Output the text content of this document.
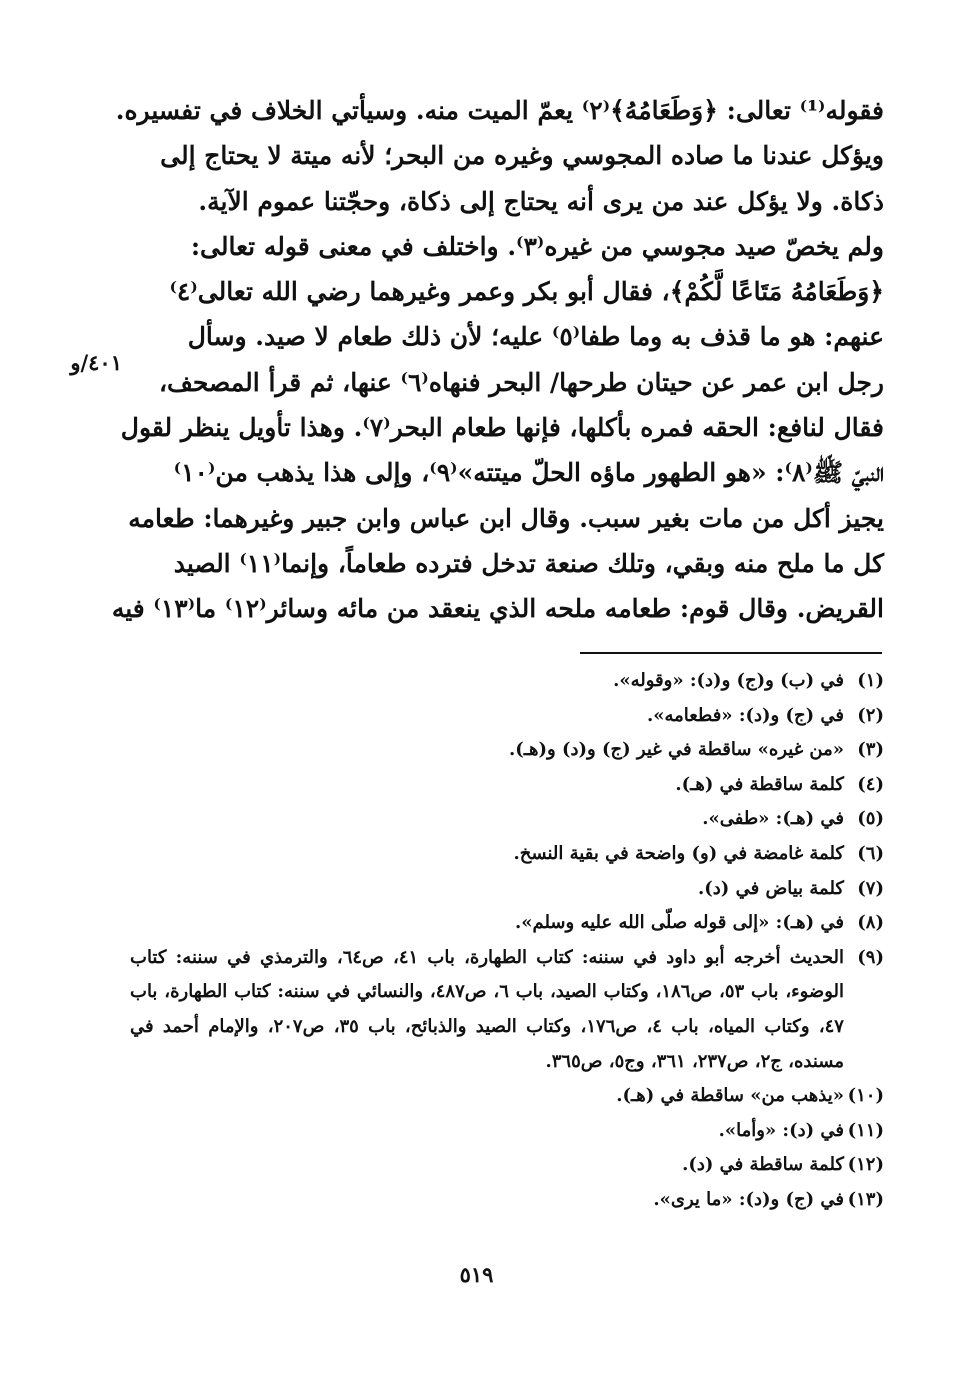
فقوله⁽¹⁾ تعالى: ﴿وَطَعَامُهُ﴾⁽٢⁾ يعمّ الميت منه. وسيأتي الخلاف في تفسيره.
ويؤكل عندنا ما صاده المجوسي وغيره من البحر؛ لأنه ميتة لا يحتاج إلى
ذكاة. ولا يؤكل عند من يرى أنه يحتاج إلى ذكاة، وحجّتنا عموم الآية.
ولم يخصّ صيد مجوسي من غيره⁽٣⁾. واختلف في معنى قوله تعالى:
﴿وَطَعَامُهُ مَتَاعًا لَّكُمْ﴾، فقال أبو بكر وعمر وغيرهما رضي الله تعالى⁽٤⁾
عنهم: هو ما قذف به وما طفا⁽٥⁾ عليه؛ لأن ذلك طعام لا صيد. وسأل
رجل ابن عمر عن حيتان طرحها/ البحر فنهاه⁽٦⁾ عنها، ثم قرأ المصحف،
فقال لنافع: الحقه فمره بأكلها، فإنها طعام البحر⁽٧⁾. وهذا تأويل ينظر لقول
النبيّ ﷺ⁽٨⁾: «هو الطهور ماؤه الحلّ ميتته»⁽٩⁾، وإلى هذا يذهب من⁽١٠⁾
يجيز أكل من مات بغير سبب. وقال ابن عباس وابن جبير وغيرهما: طعامه
كل ما ملح منه وبقي، وتلك صنعة تدخل فترده طعاماً، وإنما⁽١١⁾ الصيد
القريض. وقال قوم: طعامه ملحه الذي ينعقد من مائه وسائر⁽١٢⁾ ما⁽١٣⁾ فيه
٤٠١/و
(١)
في (ب) و(ج) و(د): «وقوله».
(٢)
في (ج) و(د): «فطعامه».
(٣)
«من غيره» ساقطة في غير (ج) و(د) و(هـ).
(٤)
كلمة ساقطة في (هـ).
(٥)
في (هـ): «طفى».
(٦)
كلمة غامضة في (و) واضحة في بقية النسخ.
(٧)
كلمة بياض في (د).
(٨)
في (هـ): «إلى قوله صلّى الله عليه وسلم».
(٩)
الحديث أخرجه أبو داود في سننه: كتاب الطهارة، باب ٤١، ص٦٤، والترمذي في سننه: كتاب الوضوء، باب ٥٣، ص١٨٦، وكتاب الصيد، باب ٦، ص٤٨٧، والنسائي في سننه: كتاب الطهارة، باب ٤٧، وكتاب المياه، باب ٤، ص١٧٦، وكتاب الصيد والذبائح، باب ٣٥، ص٢٠٧، والإمام أحمد في مسنده، ج٢، ص٢٣٧، ٣٦١، وج٥، ص٣٦٥.
(١٠)
«يذهب من» ساقطة في (هـ).
(١١)
في (د): «وأما».
(١٢)
كلمة ساقطة في (د).
(١٣)
في (ج) و(د): «ما يرى».
٥١٩
